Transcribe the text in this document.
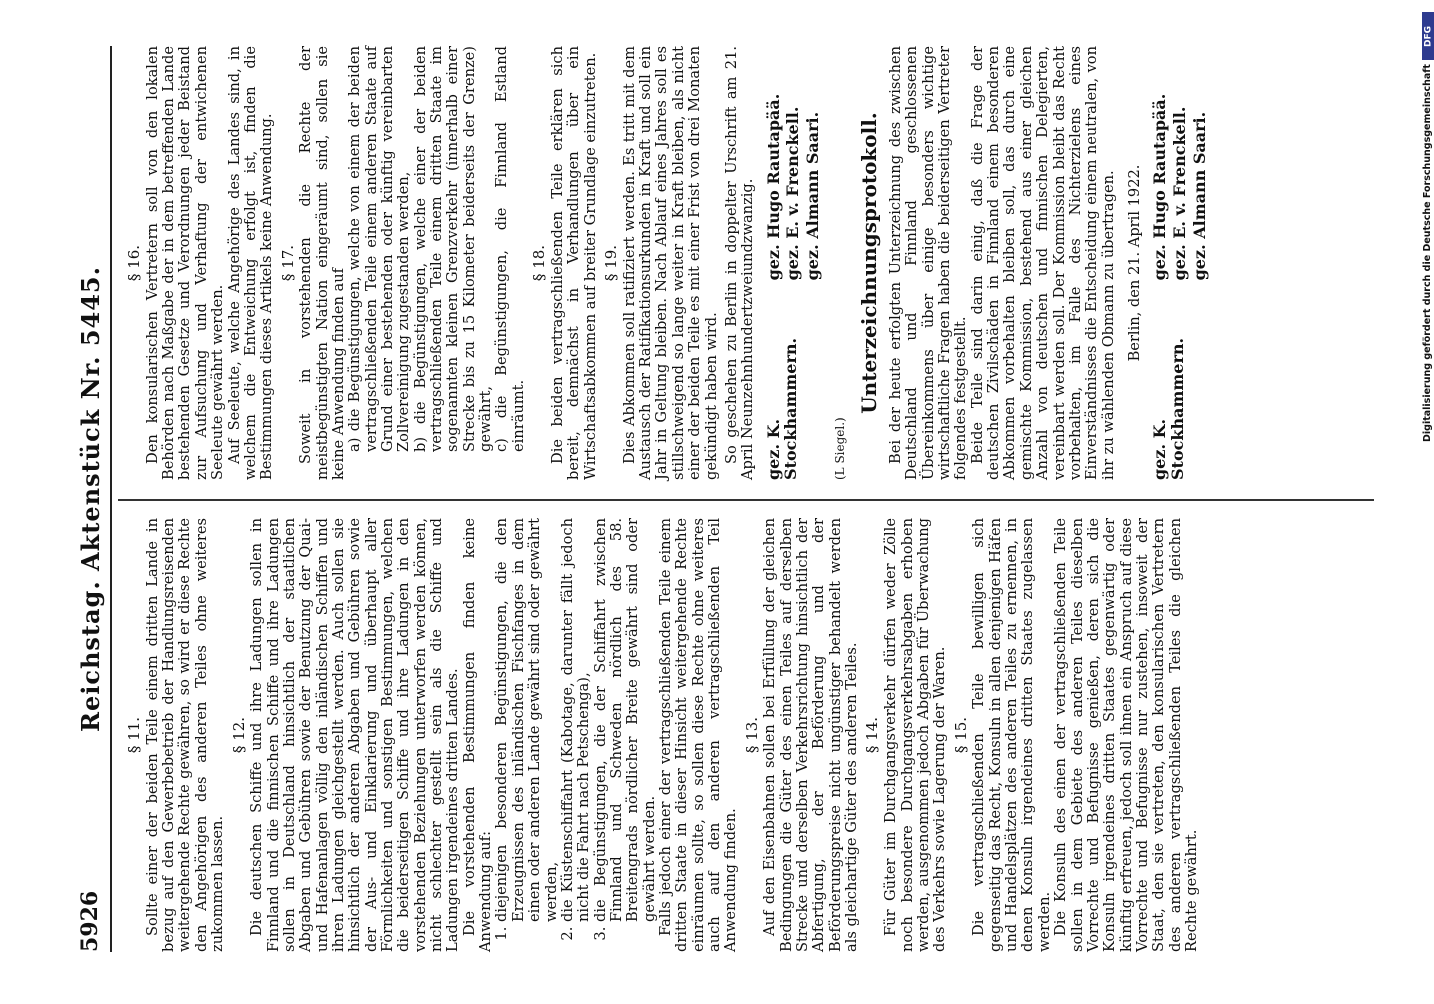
5926
Reichstag. Aktenstück Nr. 5445.
§ 11. Sollte einer der beiden Teile einem dritten Lande in bezug auf den Gewerbebetrieb der Handlungsreisenden weitergehende Rechte gewähren, so wird er diese Rechte den Angehörigen des anderen Teiles ohne weiteres zukommen lassen.

§ 12. Die deutschen Schiffe und ihre Ladungen sollen in Finnland und die finnischen Schiffe und ihre Ladungen sollen in Deutschland hinsichtlich der staatlichen Abgaben und Gebühren sowie der Benutzung der Quai- und Hafenanlagen völlig den inländischen Schiffen und ihren Ladungen gleichgestellt werden. Auch sollen sie hinsichtlich der anderen Abgaben und Gebühren sowie der Aus- und Einklarierung und überhaupt aller Förmlichkeiten und sonstigen Bestimmungen, welchen die beiderseitigen Schiffe und ihre Ladungen in den vorstehenden Beziehungen unterworfen werden können, nicht schlechter gestellt sein als die Schiffe und Ladungen irgendeines dritten Landes. Die vorstehenden Bestimmungen finden keine Anwendung auf: 1. diejenigen besonderen Begünstigungen, die den Erzeugnissen des inländischen Fischfanges in dem einen oder anderen Lande gewährt sind oder gewährt werden, 2. die Küstenschiffahrt (Kabotage, darunter fällt jedoch nicht die Fahrt nach Petschenga), 3. die Begünstigungen, die der Schiffahrt zwischen Finnland und Schweden nördlich des 58. Breitengrads nördlicher Breite gewährt sind oder gewährt werden. Falls jedoch einer der vertragschließenden Teile einem dritten Staate in dieser Hinsicht weitergehende Rechte einräumen sollte, so sollen diese Rechte ohne weiteres auch auf den anderen vertragschließenden Teil Anwendung finden.

§ 13. Auf den Eisenbahnen sollen bei Erfüllung der gleichen Bedingungen die Güter des einen Teiles auf derselben Strecke und derselben Verkehrsrichtung hinsichtlich der Abfertigung, der Beförderung und der Beförderungspreise nicht ungünstiger behandelt werden als gleichartige Güter des anderen Teiles. § 14. Für Güter im Durchgangsverkehr dürfen weder Zölle noch besondere Durchgangsverkehrsabgaben erhoben werden, ausgenommen jedoch Abgaben für Überwachung des Verkehrs sowie Lagerung der Waren. § 15. Die vertragschließenden Teile bewilligen sich gegenseitig das Recht, Konsuln in allen denjenigen Häfen und Handelsplätzen des anderen Teiles zu ernennen, in denen Konsuln irgendeines dritten Staates zugelassen werden. Die Konsuln des einen der vertragschließenden Teile sollen in dem Gebiete des anderen Teiles dieselben Vorrechte und Befugnisse genießen, deren sich die Konsuln irgendeines dritten Staates gegenwärtig oder künftig erfreuen, jedoch soll ihnen ein Anspruch auf diese Vorrechte und Befugnisse nur zustehen, insoweit der Staat, den sie vertreten, den konsularischen Vertretern des anderen vertragschließenden Teiles die gleichen Rechte gewährt.

§ 16. Den konsularischen Vertretern soll von den lokalen Behörden nach Maßgabe der in dem betreffenden Lande bestehenden Gesetze und Verordnungen jeder Beistand zur Aufsuchung und Verhaftung der entwichenen Seeleute gewährt werden. Auf Seeleute, welche Angehörige des Landes sind, in welchem die Entweichung erfolgt ist, finden die Bestimmungen dieses Artikels keine Anwendung. § 17. Soweit in vorstehenden die Rechte der meistbegünstigten Nation eingeräumt sind, sollen sie keine Anwendung finden auf a) die Begünstigungen, welche von einem der beiden vertragschließenden Teile einem anderen Staate auf Grund einer bestehenden oder künftig vereinbarten Zollvereinigung zugestanden werden, b) die Begünstigungen, welche einer der beiden vertragschließenden Teile einem dritten Staate im sogenannten kleinen Grenzverkehr (innerhalb einer Strecke bis zu 15 Kilometer beiderseits der Grenze) gewährt, c) die Begünstigungen, die Finnland Estland einräumt.
§ 18. Die beiden vertragschließenden Teile erklären sich bereit, demnächst in Verhandlungen über ein Wirtschaftsabkommen auf breiter Grundlage einzutreten. § 19. Dies Abkommen soll ratifiziert werden. Es tritt mit dem Austausch der Ratifikationsurkunden in Kraft und soll ein Jahr in Geltung bleiben. Nach Ablauf eines Jahres soll es stillschweigend so lange weiter in Kraft bleiben, als nicht einer der beiden Teile es mit einer Frist von drei Monaten gekündigt haben wird. So geschehen zu Berlin in doppelter Urschrift am 21. April Neunzehnhundertzweiundzwanzig. gez. K. Stockhammern.
gez. Hugo Rautapää. gez. E. v. Frenckell. gez. Almann Saari.
(L Siegel.)
Unterzeichnungsprotokoll. Bei der heute erfolgten Unterzeichnung des zwischen Deutschland und Finnland geschlossenen Übereinkommens über einige besonders wichtige wirtschaftliche Fragen haben die beiderseitigen Vertreter folgendes festgestellt. Beide Teile sind darin einig, daß die Frage der deutschen Zivilschäden in Finnland einem besonderen Abkommen vorbehalten bleiben soll, das durch eine gemischte Kommission, bestehend aus einer gleichen Anzahl von deutschen und finnischen Delegierten, vereinbart werden soll. Der Kommission bleibt das Recht vorbehalten, im Falle des Nichterzielens eines Einverständnisses die Entscheidung einem neutralen, von ihr zu wählenden Obmann zu übertragen. Berlin, den 21. April 1922.
gez. K. Stockhammern.
gez. Hugo Rautapää. gez. E. v. Frenckell. gez. Almann Saari.
DFG
Digitalisierung gefördert durch die Deutsche Forschungsgemeinschaft
